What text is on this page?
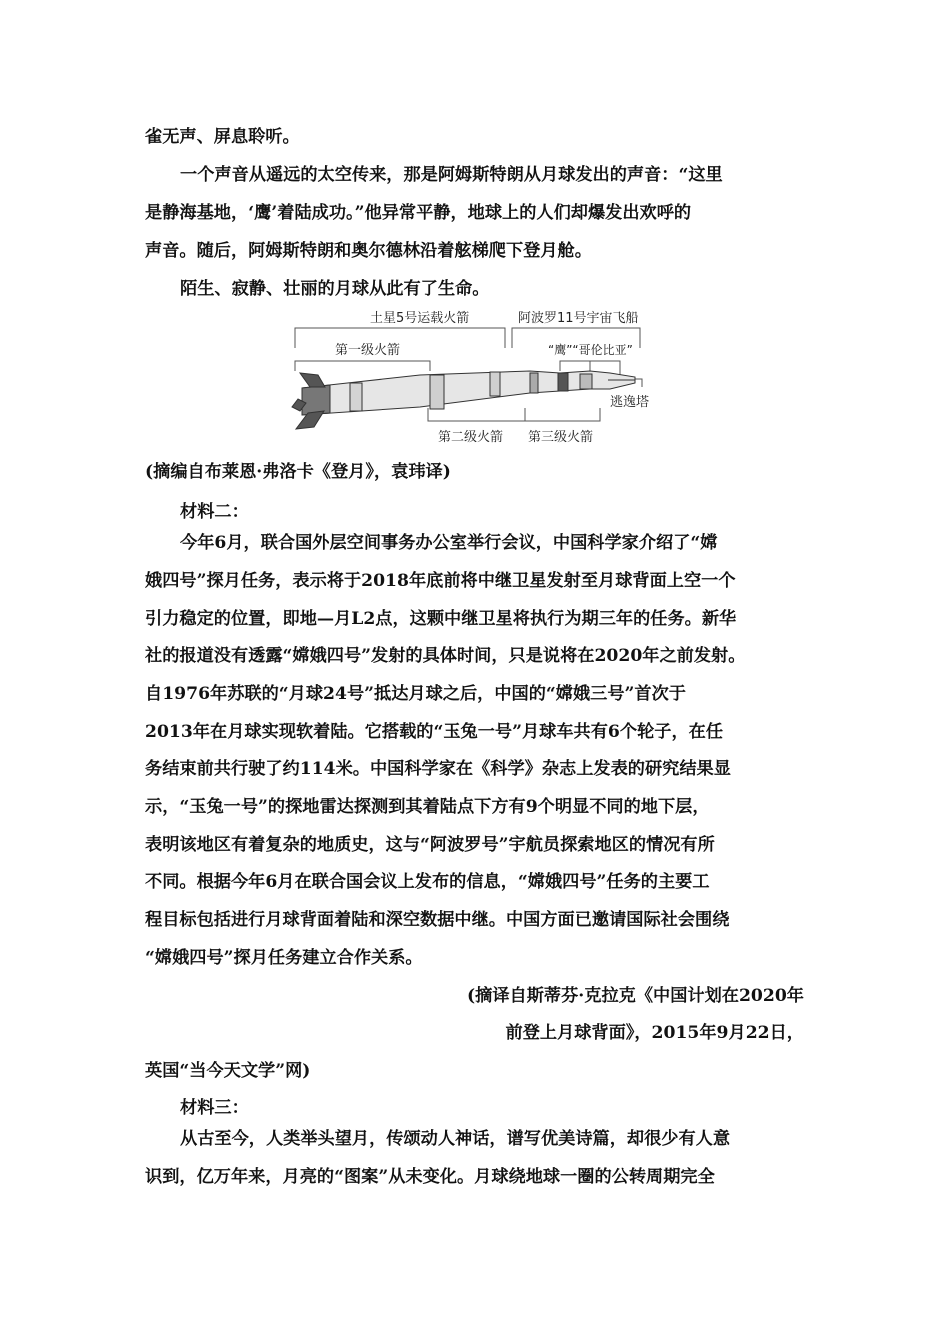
雀无声、屏息聆听。
一个声音从遥远的太空传来，那是阿姆斯特朗从月球发出的声音：“这里
是静海基地，‘鹰’着陆成功。”他异常平静，地球上的人们却爆发出欢呼的
声音。随后，阿姆斯特朗和奥尔德林沿着舷梯爬下登月舱。
陌生、寂静、壮丽的月球从此有了生命。
土星5号运载火箭	阿波罗11号宇宙飞船
第一级火箭	“鹰”“哥伦比亚”
逃逸塔
第二级火箭 第三级火箭
(摘编自布莱恩·弗洛卡《登月》，袁玮译)
材料二：
今年6月，联合国外层空间事务办公室举行会议，中国科学家介绍了“嫦
娥四号”探月任务，表示将于2018年底前将中继卫星发射至月球背面上空一个
引力稳定的位置，即地—月L2点，这颗中继卫星将执行为期三年的任务。新华
社的报道没有透露“嫦娥四号”发射的具体时间，只是说将在2020年之前发射。
自1976年苏联的“月球24号”抵达月球之后，中国的“嫦娥三号”首次于
2013年在月球实现软着陆。它搭载的“玉兔一号”月球车共有6个轮子，在任
务结束前共行驶了约114米。中国科学家在《科学》杂志上发表的研究结果显
示，“玉兔一号”的探地雷达探测到其着陆点下方有9个明显不同的地下层，
表明该地区有着复杂的地质史，这与“阿波罗号”宇航员探索地区的情况有所
不同。根据今年6月在联合国会议上发布的信息，“嫦娥四号”任务的主要工
程目标包括进行月球背面着陆和深空数据中继。中国方面已邀请国际社会围绕
“嫦娥四号”探月任务建立合作关系。
(摘译自斯蒂芬·克拉克《中国计划在2020年
前登上月球背面》，2015年9月22日，
英国“当今天文学”网)
材料三：
从古至今，人类举头望月，传颂动人神话，谱写优美诗篇，却很少有人意
识到，亿万年来，月亮的“图案”从未变化。月球绕地球一圈的公转周期完全
